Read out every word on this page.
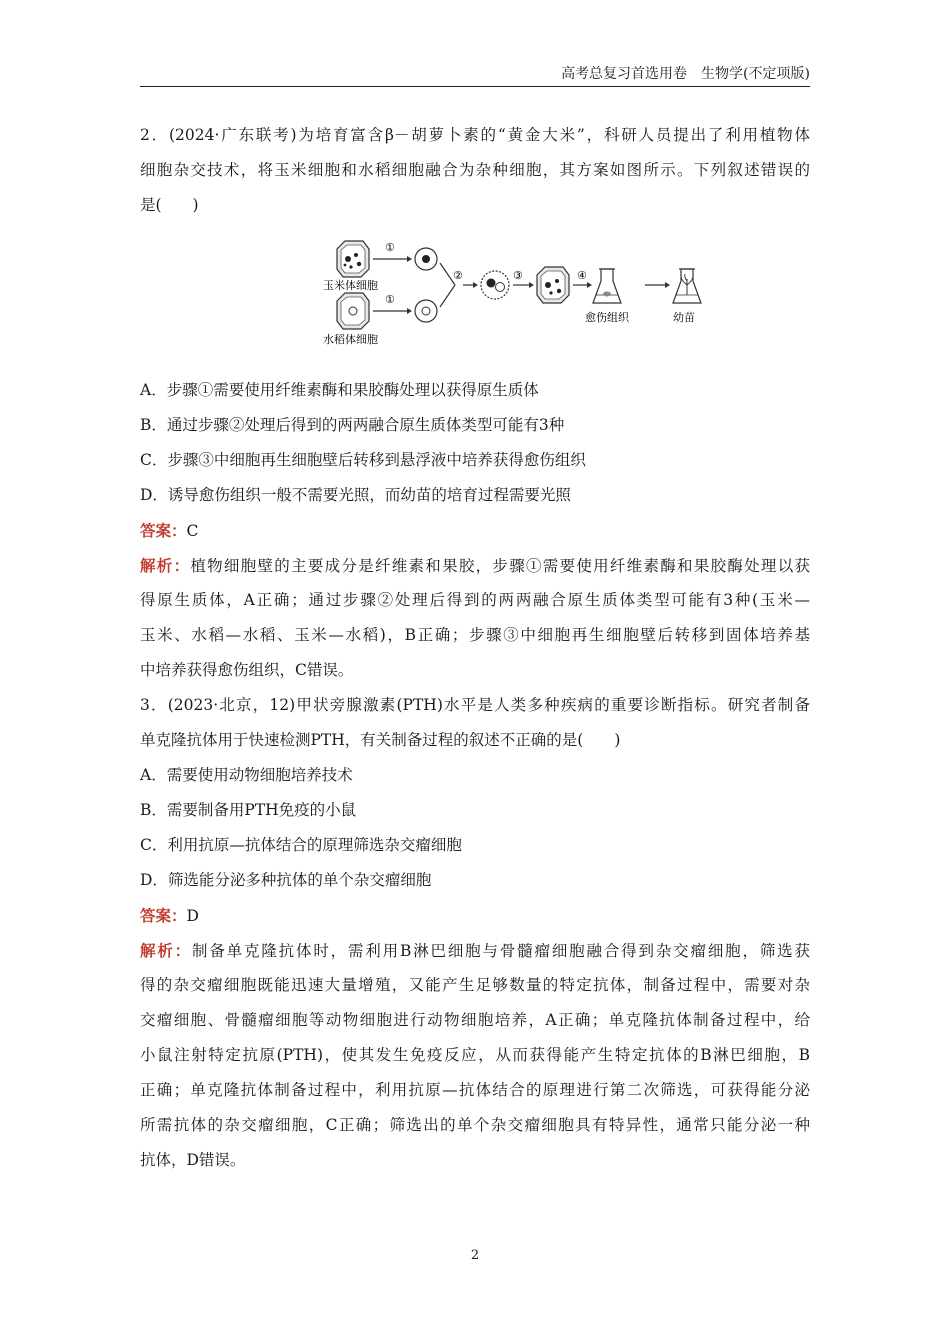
高考总复习首选用卷　生物学(不定项版)
2．(2024·广东联考)为培育富含β－胡萝卜素的“黄金大米”，科研人员提出了利用植物体
细胞杂交技术，将玉米细胞和水稻细胞融合为杂种细胞，其方案如图所示。下列叙述错误的
是(　　)
玉米体细胞
①
水稻体细胞
①
②	③	④
愈伤组织	幼苗
A．步骤①需要使用纤维素酶和果胶酶处理以获得原生质体
B．通过步骤②处理后得到的两两融合原生质体类型可能有3种
C．步骤③中细胞再生细胞壁后转移到悬浮液中培养获得愈伤组织
D．诱导愈伤组织一般不需要光照，而幼苗的培育过程需要光照
答案：C
解析：植物细胞壁的主要成分是纤维素和果胶，步骤①需要使用纤维素酶和果胶酶处理以获
得原生质体，A正确；通过步骤②处理后得到的两两融合原生质体类型可能有3种(玉米—
玉米、水稻—水稻、玉米—水稻)，B正确；步骤③中细胞再生细胞壁后转移到固体培养基
中培养获得愈伤组织，C错误。
3．(2023·北京，12)甲状旁腺激素(PTH)水平是人类多种疾病的重要诊断指标。研究者制备
单克隆抗体用于快速检测PTH，有关制备过程的叙述不正确的是(　　)
A．需要使用动物细胞培养技术
B．需要制备用PTH免疫的小鼠
C．利用抗原—抗体结合的原理筛选杂交瘤细胞
D．筛选能分泌多种抗体的单个杂交瘤细胞
答案：D
解析：制备单克隆抗体时，需利用B淋巴细胞与骨髓瘤细胞融合得到杂交瘤细胞，筛选获
得的杂交瘤细胞既能迅速大量增殖，又能产生足够数量的特定抗体，制备过程中，需要对杂
交瘤细胞、骨髓瘤细胞等动物细胞进行动物细胞培养，A正确；单克隆抗体制备过程中，给
小鼠注射特定抗原(PTH)，使其发生免疫反应，从而获得能产生特定抗体的B淋巴细胞，B
正确；单克隆抗体制备过程中，利用抗原—抗体结合的原理进行第二次筛选，可获得能分泌
所需抗体的杂交瘤细胞，C正确；筛选出的单个杂交瘤细胞具有特异性，通常只能分泌一种
抗体，D错误。
2
